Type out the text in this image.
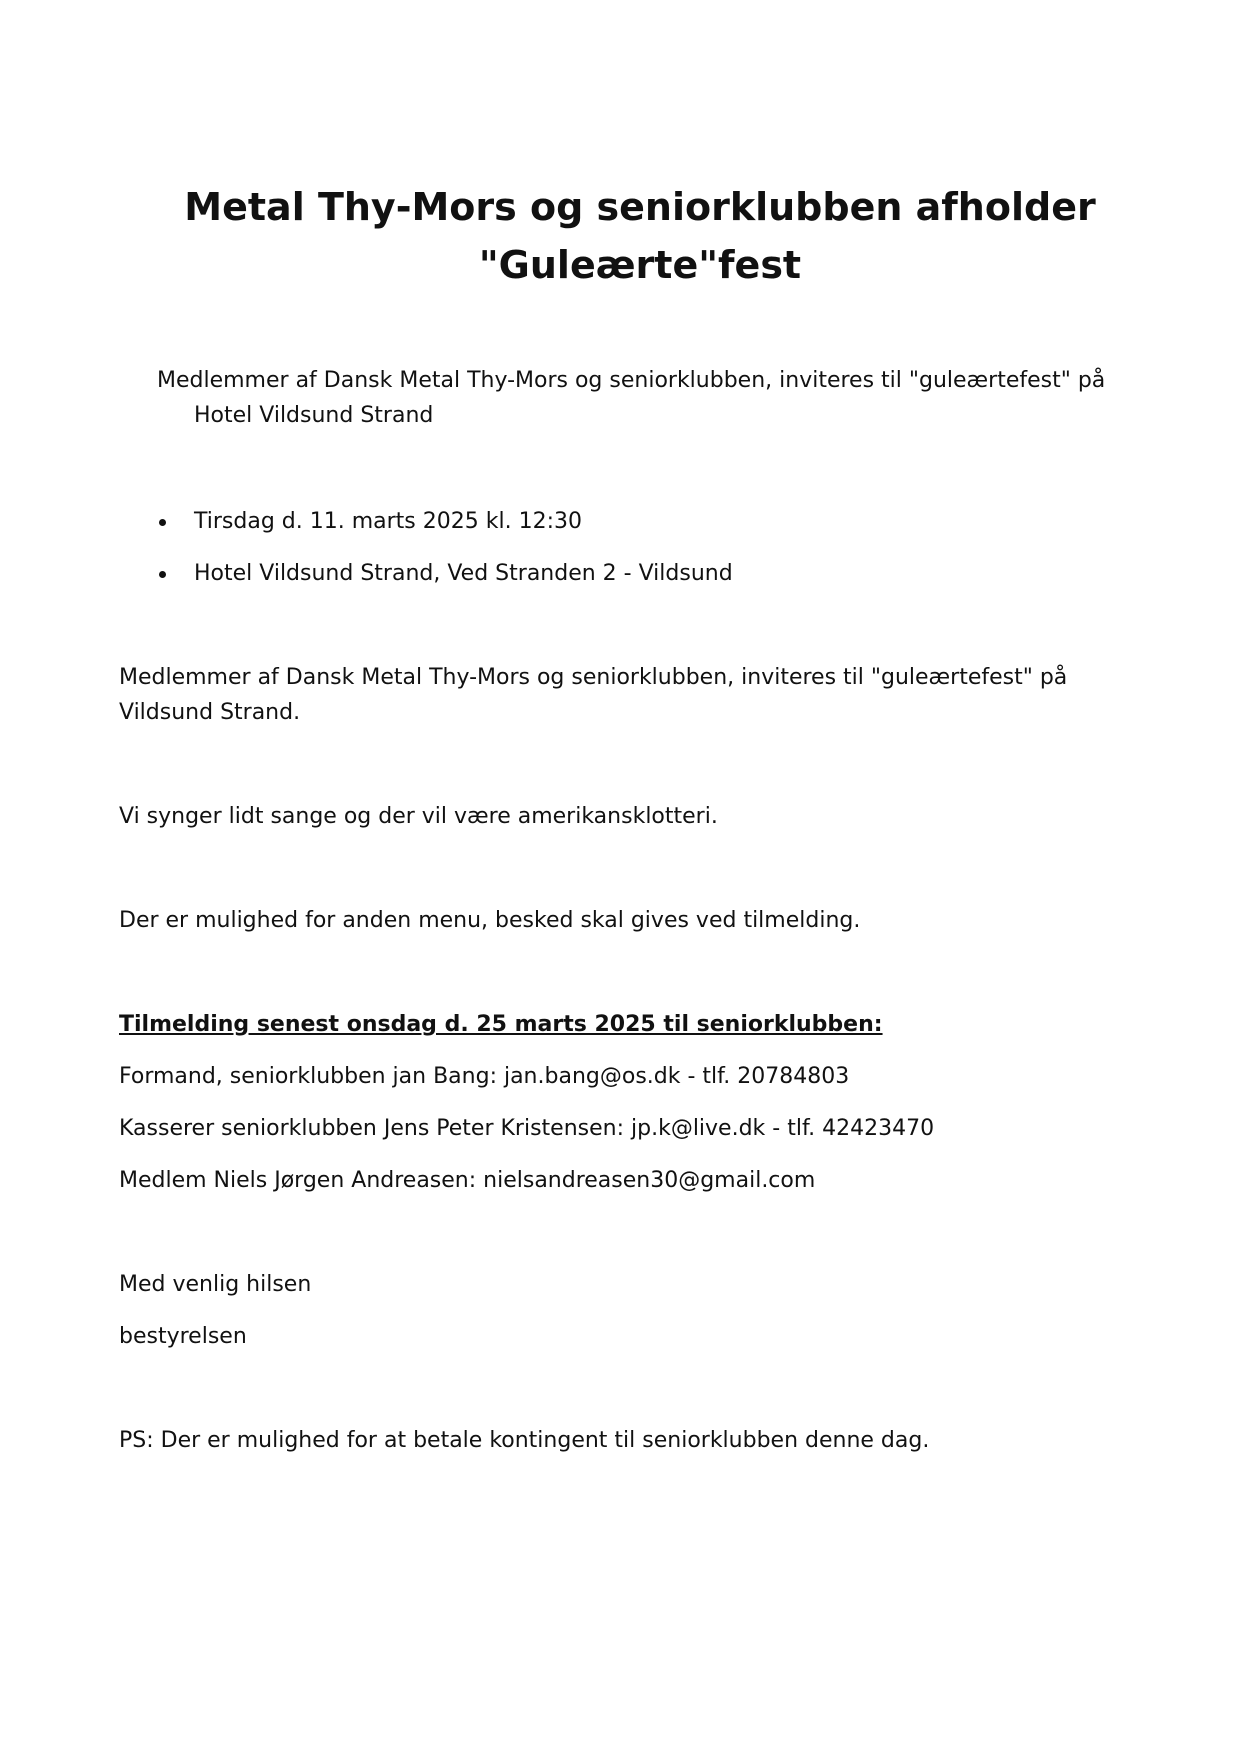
Metal Thy-Mors og seniorklubben afholder
"Guleærte"fest

Medlemmer af Dansk Metal Thy-Mors og seniorklubben, inviteres til "guleærtefest" på

Hotel Vildsund Strand

Tirsdag d. 11. marts 2025 kl. 12:30
Hotel Vildsund Strand, Ved Stranden 2 - Vildsund

Medlemmer af Dansk Metal Thy-Mors og seniorklubben, inviteres til "guleærtefest" på

Vildsund Strand.

Vi synger lidt sange og der vil være amerikansklotteri.

Der er mulighed for anden menu, besked skal gives ved tilmelding.

Tilmelding senest onsdag d. 25 marts 2025 til seniorklubben:

Formand, seniorklubben jan Bang: jan.bang@os.dk - tlf. 20784803

Kasserer seniorklubben Jens Peter Kristensen: jp.k@live.dk - tlf. 42423470

Medlem Niels Jørgen Andreasen: nielsandreasen30@gmail.com

Med venlig hilsen

bestyrelsen

PS: Der er mulighed for at betale kontingent til seniorklubben denne dag.
